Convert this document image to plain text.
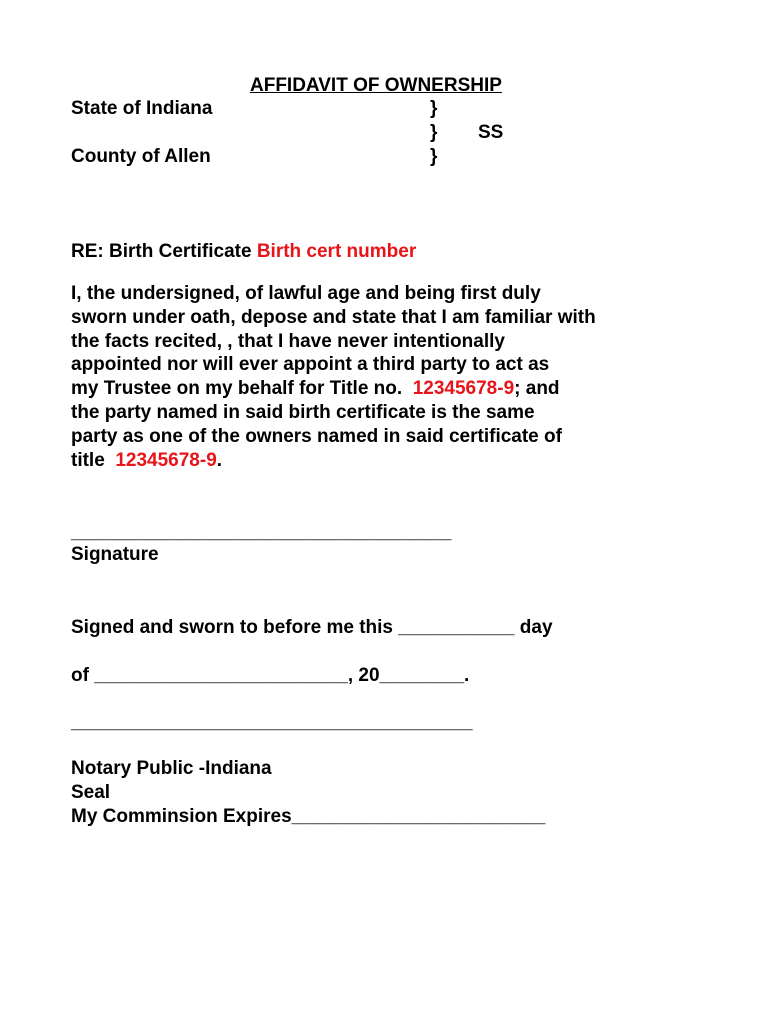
AFFIDAVIT OF OWNERSHIP
State of Indiana	}
} SS
County of Allen	}
RE: Birth Certificate Birth cert number
I, the undersigned, of lawful age and being first duly
sworn under oath, depose and state that I am familiar with
the facts recited, , that I have never intentionally
appointed nor will ever appoint a third party to act as
my Trustee on my behalf for Title no.  12345678-9; and
the party named in said birth certificate is the same
party as one of the owners named in said certificate of
title  12345678-9.
____________________________________
Signature
Signed and sworn to before me this ___________ day
of ________________________, 20________.
______________________________________
Notary Public -Indiana
Seal
My Comminsion Expires________________________
